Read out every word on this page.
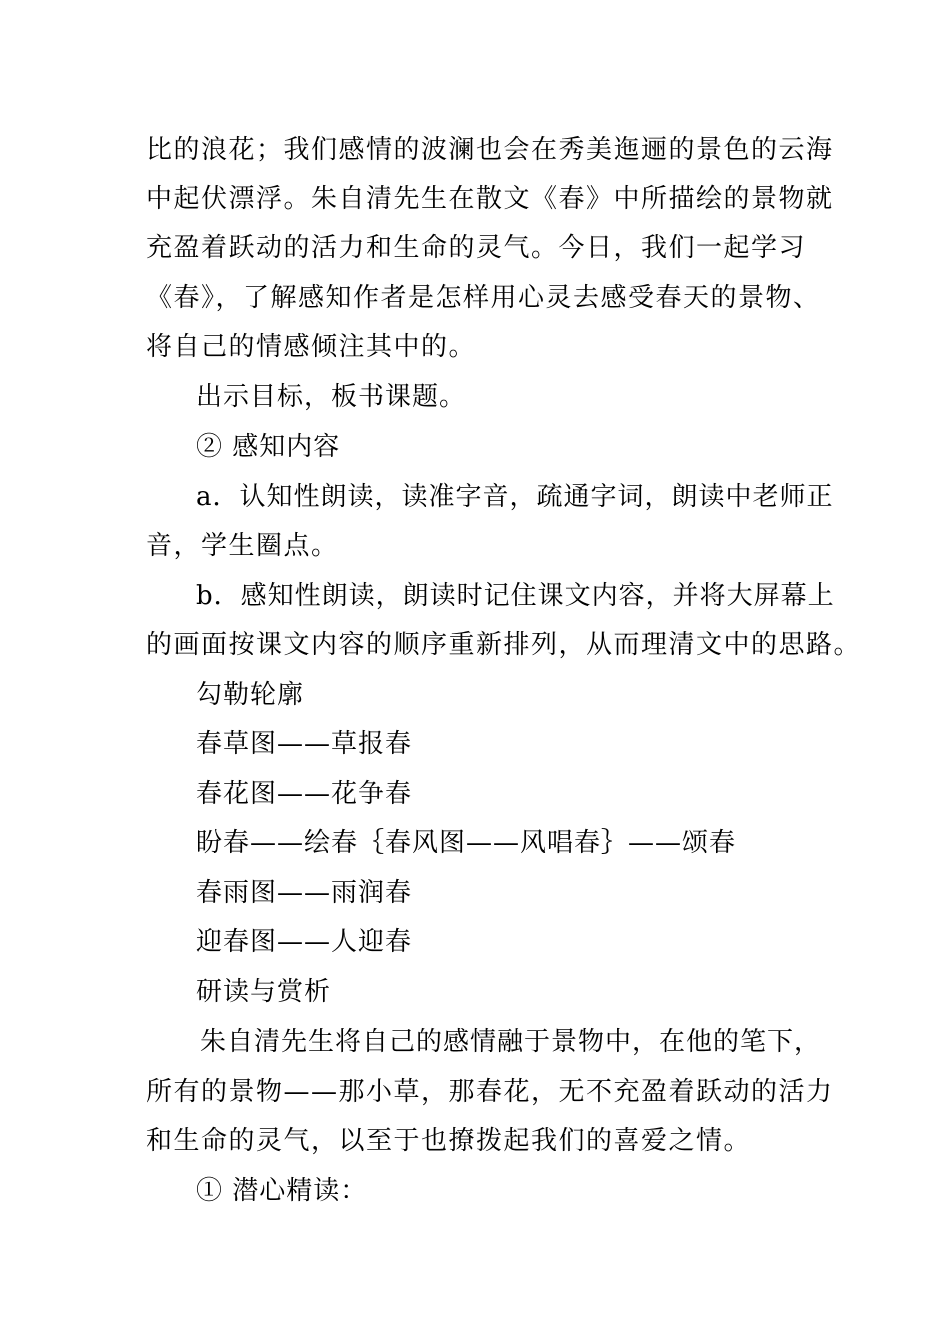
比的浪花；我们感情的波澜也会在秀美迤逦的景色的云海
中起伏漂浮。朱自清先生在散文《春》中所描绘的景物就
充盈着跃动的活力和生命的灵气。今日，我们一起学习
《春》，了解感知作者是怎样用心灵去感受春天的景物、
将自己的情感倾注其中的。
出示目标，板书课题。
② 感知内容
a．认知性朗读，读准字音，疏通字词，朗读中老师正
音，学生圈点。
b．感知性朗读，朗读时记住课文内容，并将大屏幕上
的画面按课文内容的顺序重新排列，从而理清文中的思路。
勾勒轮廓
春草图——草报春
春花图——花争春
盼春——绘春｛春风图——风唱春｝——颂春
春雨图——雨润春
迎春图——人迎春
研读与赏析
朱自清先生将自己的感情融于景物中，在他的笔下，
所有的景物——那小草，那春花，无不充盈着跃动的活力
和生命的灵气，以至于也撩拨起我们的喜爱之情。
① 潜心精读：
